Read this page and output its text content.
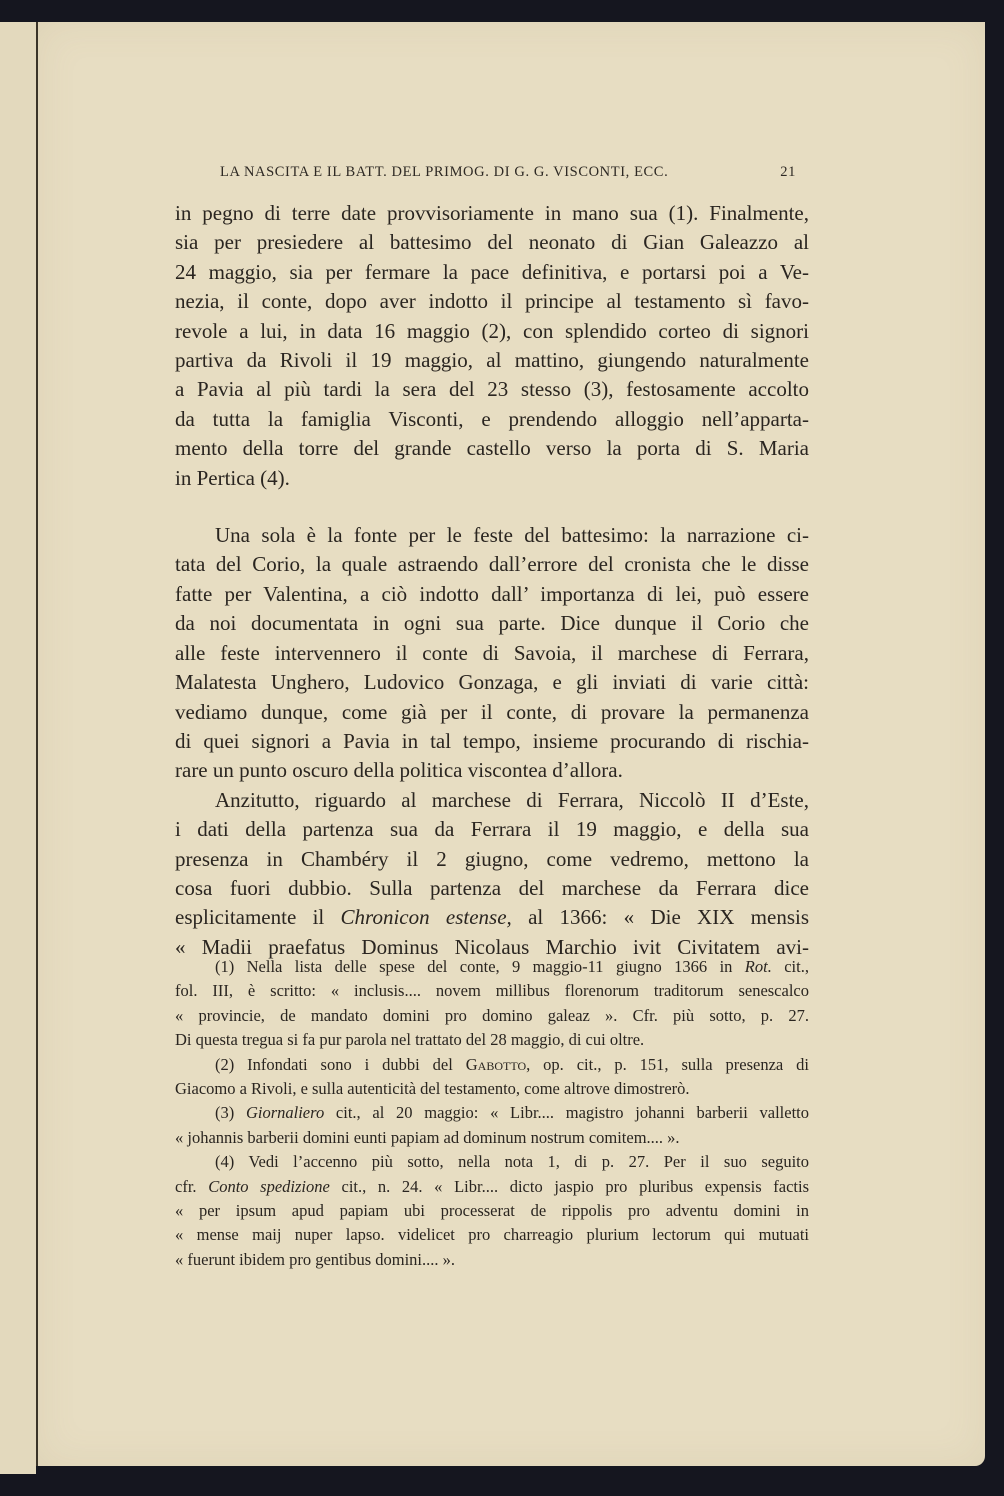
LA NASCITA E IL BATT. DEL PRIMOG. DI G. G. VISCONTI, ECC.	21
in pegno di terre date provvisoriamente in mano sua (1). Finalmente,
sia per presiedere al battesimo del neonato di Gian Galeazzo al
24 maggio, sia per fermare la pace definitiva, e portarsi poi a Ve-
nezia, il conte, dopo aver indotto il principe al testamento sì favo-
revole a lui, in data 16 maggio (2), con splendido corteo di signori
partiva da Rivoli il 19 maggio, al mattino, giungendo naturalmente
a Pavia al più tardi la sera del 23 stesso (3), festosamente accolto
da tutta la famiglia Visconti, e prendendo alloggio nell’apparta-
mento della torre del grande castello verso la porta di S. Maria
in Pertica (4).
Una sola è la fonte per le feste del battesimo: la narrazione ci-
tata del Corio, la quale astraendo dall’errore del cronista che le disse
fatte per Valentina, a ciò indotto dall’ importanza di lei, può essere
da noi documentata in ogni sua parte. Dice dunque il Corio che
alle feste intervennero il conte di Savoia, il marchese di Ferrara,
Malatesta Unghero, Ludovico Gonzaga, e gli inviati di varie città:
vediamo dunque, come già per il conte, di provare la permanenza
di quei signori a Pavia in tal tempo, insieme procurando di rischia-
rare un punto oscuro della politica viscontea d’allora.
Anzitutto, riguardo al marchese di Ferrara, Niccolò II d’Este,
i dati della partenza sua da Ferrara il 19 maggio, e della sua
presenza in Chambéry il 2 giugno, come vedremo, mettono la
cosa fuori dubbio. Sulla partenza del marchese da Ferrara dice
esplicitamente il Chronicon estense, al 1366: « Die XIX mensis
« Madii praefatus Dominus Nicolaus Marchio ivit Civitatem avi-
(1) Nella lista delle spese del conte, 9 maggio-11 giugno 1366 in Rot. cit.,
fol. III, è scritto: « inclusis.... novem millibus florenorum traditorum senescalco
« provincie, de mandato domini pro domino galeaz ». Cfr. più sotto, p. 27.
Di questa tregua si fa pur parola nel trattato del 28 maggio, di cui oltre.
(2) Infondati sono i dubbi del Gabotto, op. cit., p. 151, sulla presenza di
Giacomo a Rivoli, e sulla autenticità del testamento, come altrove dimostrerò.
(3) Giornaliero cit., al 20 maggio: « Libr.... magistro johanni barberii valletto
« johannis barberii domini eunti papiam ad dominum nostrum comitem.... ».
(4) Vedi l’accenno più sotto, nella nota 1, di p. 27. Per il suo seguito
cfr. Conto spedizione cit., n. 24. « Libr.... dicto jaspio pro pluribus expensis factis
« per ipsum apud papiam ubi processerat de rippolis pro adventu domini in
« mense maij nuper lapso. videlicet pro charreagio plurium lectorum qui mutuati
« fuerunt ibidem pro gentibus domini.... ».
